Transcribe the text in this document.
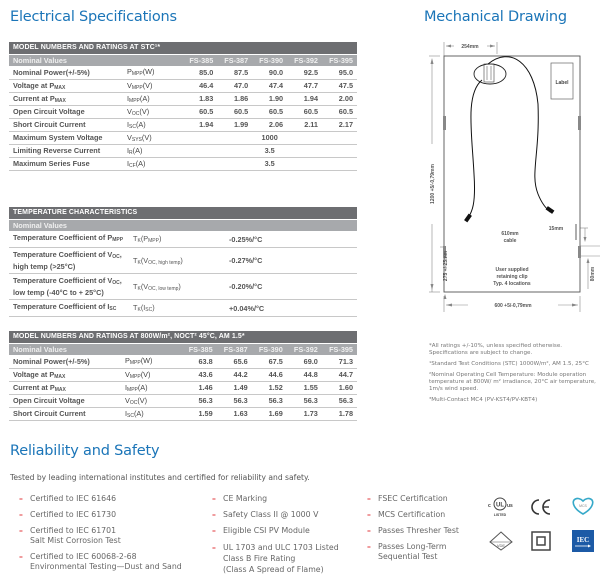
Electrical Specifications	Mechanical Drawing
MODEL NUMBERS AND RATINGS AT STC¹*						
Nominal Values		FS-385	FS-387	FS-390	FS-392	FS-395
Nominal Power(+/-5%)	$P_{MPP}(W)$	85.0	87.5	90.0	92.5	95.0
Voltage at $P_{MAX}$	$V_{MPP}(V)$	46.4	47.0	47.4	47.7	47.5
Current at $P_{MAX}$	$I_{MPP}(A)$	1.83	1.86	1.90	1.94	2.00
Open Circuit Voltage	$V_{OC}(V)$	60.5	60.5	60.5	60.5	60.5
Short Circuit Current	$I_{SC}(A)$	1.94	1.99	2.06	2.11	2.17
Maximum System Voltage	$V_{SYS}(V)$			1000		
Limiting Reverse Current	$I_R(A)$			3.5		
Maximum Series Fuse	$I_{CF}(A)$			3.5		
TEMPERATURE CHARACTERISTICS		
Nominal Values		
Temperature Coefficient of $P_{MPP}$	$T_K(P_{MPP})$	-0.25%/°C
Temperature Coefficient of $V_{OC}$,
high temp (>25°C)	$T_K(V_{OC, high temp})$	-0.27%/°C
Temperature Coefficient of $V_{OC}$,
low temp (-40°C to + 25°C)	$T_K(V_{OC, low temp})$	-0.20%/°C
Temperature Coefficient of $I_{SC}$	$T_K(I_{SC})$	+0.04%/°C
MODEL NUMBERS AND RATINGS AT 800W/m², NOCT² 45°C, AM 1.5*						
Nominal Values		FS-385	FS-387	FS-390	FS-392	FS-395
Nominal Power(+/-5%)	$P_{MPP}(W)$	63.8	65.6	67.5	69.0	71.3
Voltage at $P_{MAX}$	$V_{MPP}(V)$	43.6	44.2	44.6	44.8	44.7
Current at $P_{MAX}$	$I_{MPP}(A)$	1.46	1.49	1.52	1.55	1.60
Open Circuit Voltage	$V_{OC}(V)$	56.3	56.3	56.3	56.3	56.3
Short Circuit Current	$I_{SC}(A)$	1.59	1.63	1.69	1.73	1.78
Label
254mm
1200 +5/-0,79mm
275 +/-25mm
600 +5/-0,79mm
610mm
cable
15mm
80mm
User supplied
retaining clip
Typ. 4 locations

*All ratings +/-10%, unless specified otherwise. Specifications are subject to change.

¹Standard Test Conditions (STC) 1000W/m², AM 1.5, 25°C

²Nominal Operating Cell Temperature: Module operation temperature at 800W/ m² irradiance, 20°C air temperature, 1m/s wind speed.

³Multi-Contact MC4 (PV-KST4/PV-KBT4)

Reliability and Safety
Tested by leading international institutes and certified for reliability and safety.
– Certified to IEC 61646
– Certified to IEC 61730
– Certified to IEC 61701
Salt Mist Corrosion Test
– Certified to IEC 60068-2-68
Environmental Testing—Dust and Sand
– CE Marking
– Safety Class II @ 1000 V
– Eligible CSI PV Module
– UL 1703 and ULC 1703 Listed
Class B Fire Rating
(Class A Spread of Flame)
– FSEC Certification
– MCS Certification
– Passes Thresher Test
– Passes Long-Term
Sequential Test
c UL us
LISTED
MCS
VDE
IEC
